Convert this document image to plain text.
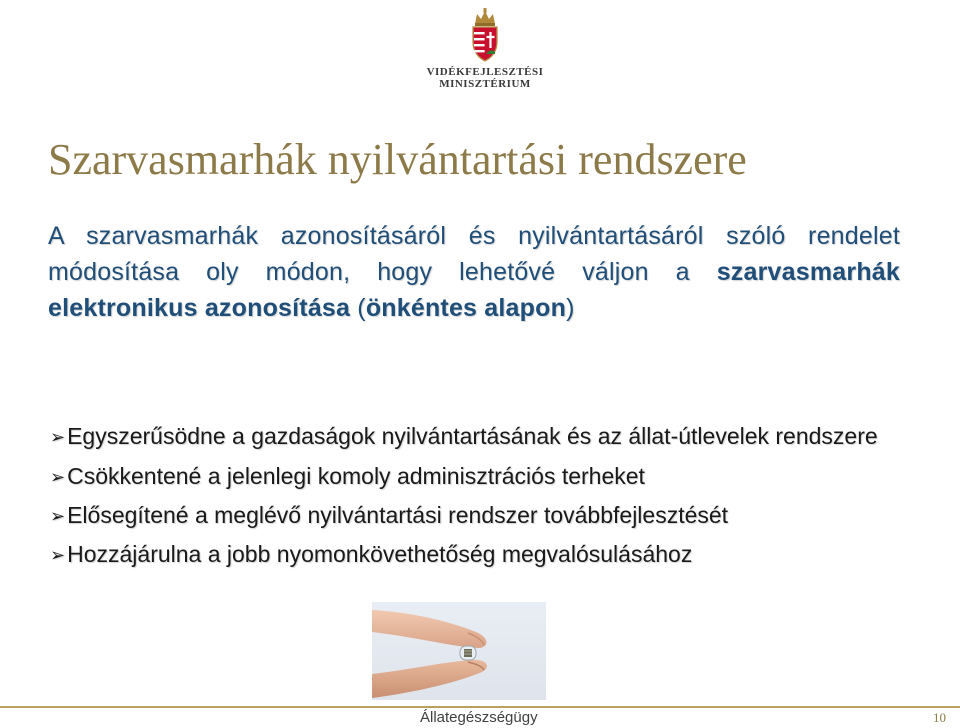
VIDÉKFEJLESZTÉSI
MINISZTÉRIUM
Szarvasmarhák nyilvántartási rendszere

A szarvasmarhák azonosításáról és nyilvántartásáról szóló rendelet módosítása oly módon, hogy lehetővé váljon a szarvasmarhák elektronikus azonosítása (önkéntes alapon)

➢Egyszerűsödne a gazdaságok nyilvántartásának és az állat-útlevelek rendszere
➢Csökkentené a jelenlegi komoly adminisztrációs terheket
➢Elősegítené a meglévő nyilvántartási rendszer továbbfejlesztését
➢Hozzájárulna a jobb nyomonkövethetőség megvalósulásához
Állategészségügy	10
